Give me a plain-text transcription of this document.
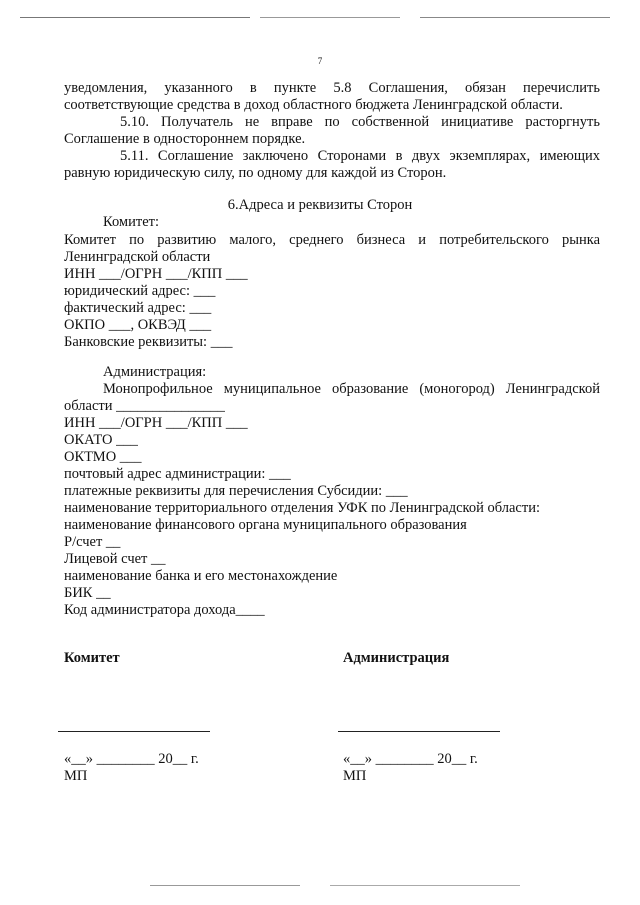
7
уведомления, указанного в пункте 5.8 Соглашения, обязан перечислить
соответствующие средства в доход областного бюджета Ленинградской области.
5.10. Получатель не вправе по собственной инициативе расторгнуть
Соглашение в одностороннем порядке.
5.11. Соглашение заключено Сторонами в двух экземплярах, имеющих
равную юридическую силу, по одному для каждой из Сторон.
6.Адреса и реквизиты Сторон
Комитет:
Комитет по развитию малого, среднего бизнеса и потребительского рынка
Ленинградской области
ИНН ___/ОГРН ___/КПП ___
юридический адрес: ___
фактический адрес: ___
ОКПО ___, ОКВЭД ___
Банковские реквизиты: ___
Администрация:
Монопрофильное муниципальное образование (моногород) Ленинградской
области _______________
ИНН ___/ОГРН ___/КПП ___
ОКАТО ___
ОКТМО ___
почтовый адрес администрации: ___
платежные реквизиты для перечисления Субсидии: ___
наименование территориального отделения УФК по Ленинградской области:
наименование финансового органа муниципального образования
Р/счет __
Лицевой счет __
наименование банка и его местонахождение
БИК __
Код администратора дохода____
Комитет	Администрация
«__» ________ 20__ г.	«__» ________ 20__ г.
МП	МП
